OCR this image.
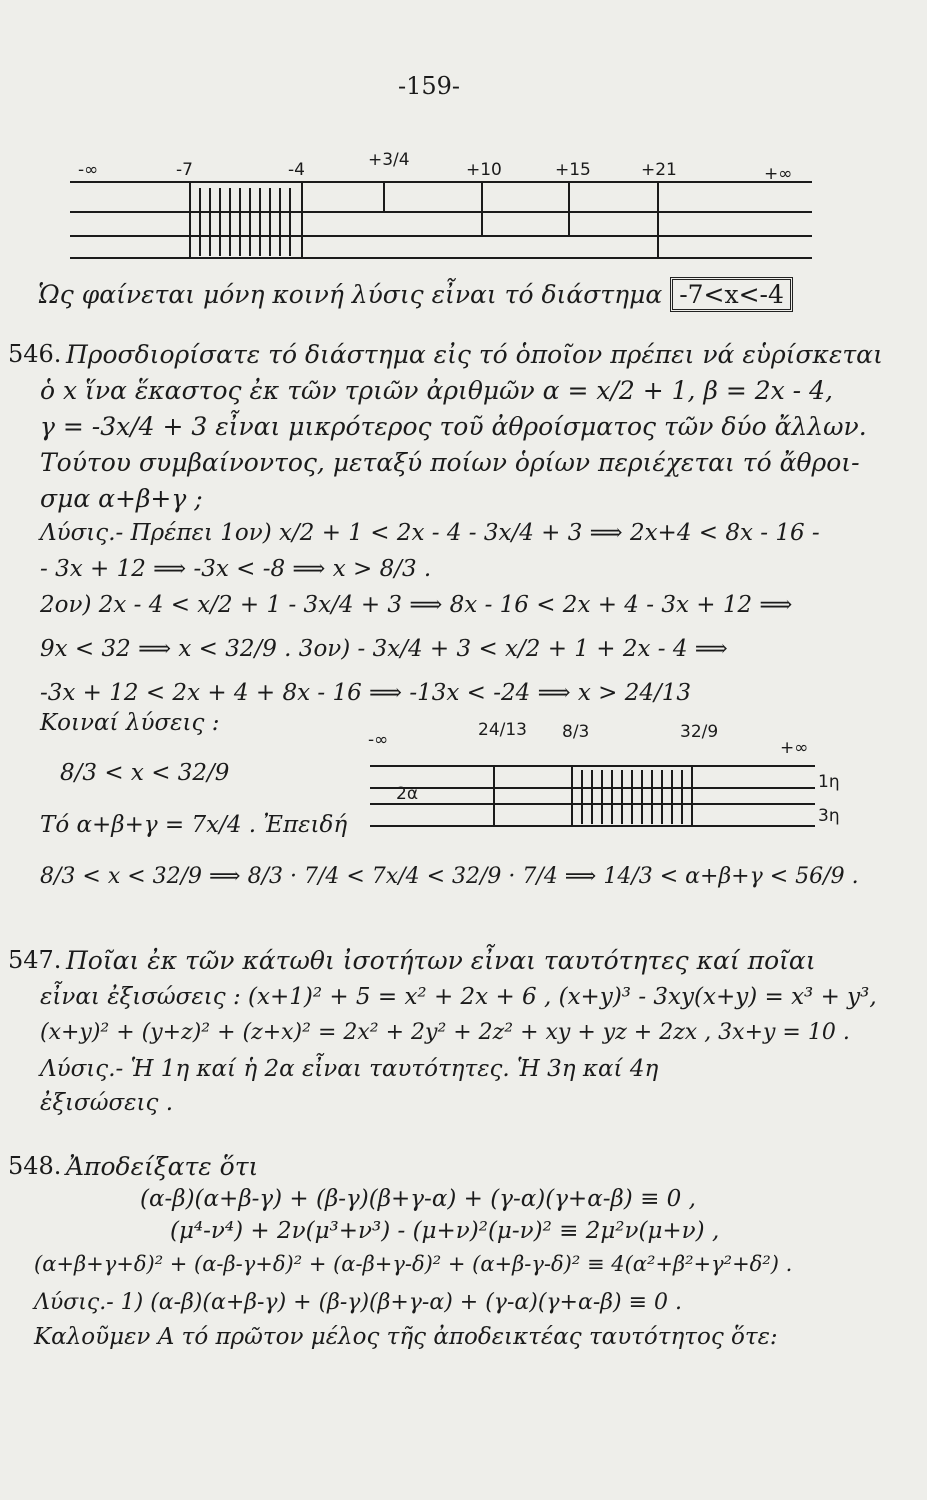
-159-
-∞	-7	-4	+3/4	+10	+15	+21	+∞
Ὡς φαίνεται μόνη κοινή λύσις εἶναι τό διάστημα -7<x<-4
546. Προσδιορίσατε τό διάστημα εἰς τό ὁποῖον πρέπει νά εὑρίσκεται
ὁ x ἵνα ἕκαστος ἐκ τῶν τριῶν ἀριθμῶν α = x/2 + 1, β = 2x - 4,
γ = -3x/4 + 3 εἶναι μικρότερος τοῦ ἀθροίσματος τῶν δύο ἄλλων.
Τούτου συμβαίνοντος, μεταξύ ποίων ὁρίων περιέχεται τό ἄθροι-
σμα α+β+γ ;
Λύσις.- Πρέπει 1ον) x/2 + 1 < 2x - 4 - 3x/4 + 3 ⟹ 2x+4 < 8x - 16 -
- 3x + 12 ⟹ -3x < -8 ⟹ x > 8/3 .
2ον) 2x - 4 < x/2 + 1 - 3x/4 + 3 ⟹ 8x - 16 < 2x + 4 - 3x + 12 ⟹
9x < 32 ⟹ x < 32/9 . 3ον) - 3x/4 + 3 < x/2 + 1 + 2x - 4 ⟹
-3x + 12 < 2x + 4 + 8x - 16 ⟹ -13x < -24 ⟹ x > 24/13
Κοιναί λύσεις :
8/3 < x < 32/9
Τό α+β+γ = 7x/4 . Ἐπειδή
8/3 < x < 32/9 ⟹ 8/3 · 7/4 < 7x/4 < 32/9 · 7/4 ⟹ 14/3 < α+β+γ < 56/9 .
-∞	24/13 8/3	32/9
+∞
1η
2α
3η
547. Ποῖαι ἐκ τῶν κάτωθι ἰσοτήτων εἶναι ταυτότητες καί ποῖαι
εἶναι ἐξισώσεις : (x+1)² + 5 = x² + 2x + 6 , (x+y)³ - 3xy(x+y) = x³ + y³,
(x+y)² + (y+z)² + (z+x)² = 2x² + 2y² + 2z² + xy + yz + 2zx , 3x+y = 10 .
Λύσις.- Ἡ 1η καί ἡ 2α εἶναι ταυτότητες. Ἡ 3η καί 4η
ἐξισώσεις .
548. Ἀποδείξατε ὅτι
(α-β)(α+β-γ) + (β-γ)(β+γ-α) + (γ-α)(γ+α-β) ≡ 0 ,
(μ⁴-ν⁴) + 2ν(μ³+ν³) - (μ+ν)²(μ-ν)² ≡ 2μ²ν(μ+ν) ,
(α+β+γ+δ)² + (α-β-γ+δ)² + (α-β+γ-δ)² + (α+β-γ-δ)² ≡ 4(α²+β²+γ²+δ²) .
Λύσις.- 1) (α-β)(α+β-γ) + (β-γ)(β+γ-α) + (γ-α)(γ+α-β) ≡ 0 .
Καλοῦμεν Α τό πρῶτον μέλος τῆς ἀποδεικτέας ταυτότητος ὅτε:
